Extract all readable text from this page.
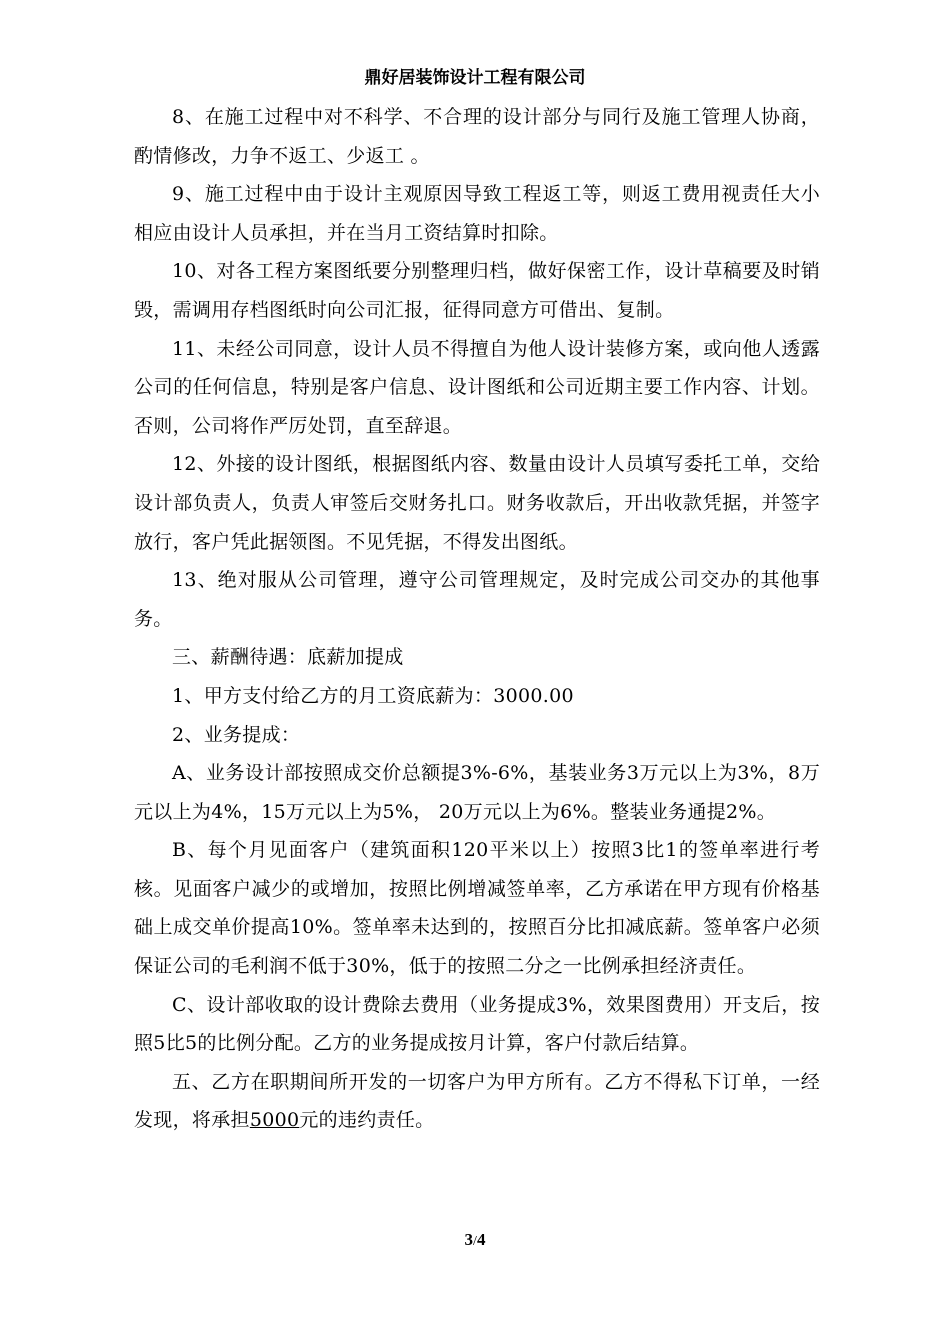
鼎好居装饰设计工程有限公司

8、在施工过程中对不科学、不合理的设计部分与同行及施工管理人协商，酌情修改，力争不返工、少返工 。

9、施工过程中由于设计主观原因导致工程返工等，则返工费用视责任大小相应由设计人员承担，并在当月工资结算时扣除。

10、对各工程方案图纸要分别整理归档，做好保密工作，设计草稿要及时销毁，需调用存档图纸时向公司汇报，征得同意方可借出、复制。

11、未经公司同意，设计人员不得擅自为他人设计装修方案，或向他人透露公司的任何信息，特别是客户信息、设计图纸和公司近期主要工作内容、计划。否则，公司将作严厉处罚，直至辞退。

12、外接的设计图纸，根据图纸内容、数量由设计人员填写委托工单，交给设计部负责人，负责人审签后交财务扎口。财务收款后，开出收款凭据，并签字放行，客户凭此据领图。不见凭据，不得发出图纸。

13、绝对服从公司管理，遵守公司管理规定，及时完成公司交办的其他事务。

三、薪酬待遇：底薪加提成

1、甲方支付给乙方的月工资底薪为：3000.00

2、业务提成：

A、业务设计部按照成交价总额提3%-6%，基装业务3万元以上为3%，8万元以上为4%，15万元以上为5%， 20万元以上为6%。整装业务通提2%。

B、每个月见面客户（建筑面积120平米以上）按照3比1的签单率进行考核。见面客户减少的或增加，按照比例增减签单率，乙方承诺在甲方现有价格基础上成交单价提高10%。签单率未达到的，按照百分比扣减底薪。签单客户必须保证公司的毛利润不低于30%，低于的按照二分之一比例承担经济责任。

C、设计部收取的设计费除去费用（业务提成3%，效果图费用）开支后，按照5比5的比例分配。乙方的业务提成按月计算，客户付款后结算。

五、乙方在职期间所开发的一切客户为甲方所有。乙方不得私下订单，一经发现，将承担5000元的违约责任。

3/4
